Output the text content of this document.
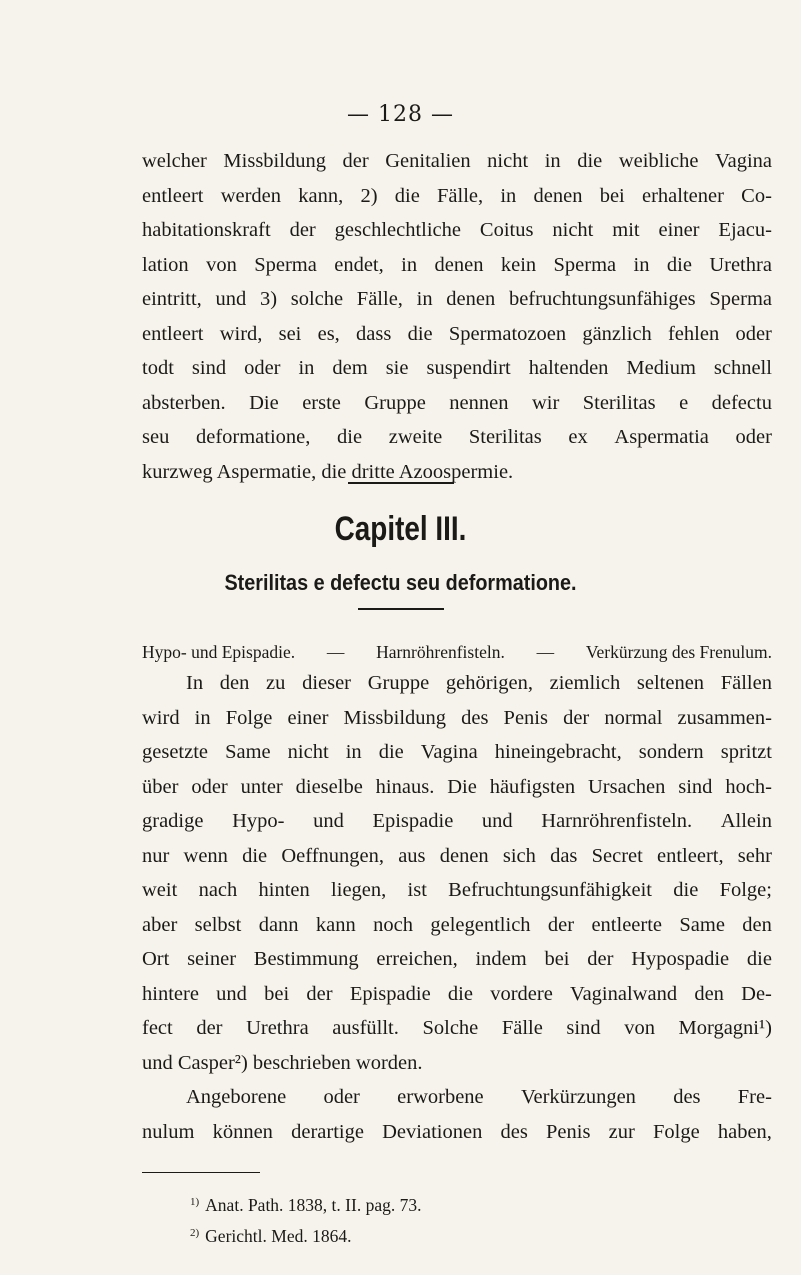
— 128 —
welcher Missbildung der Genitalien nicht in die weibliche Vagina
entleert werden kann, 2) die Fälle, in denen bei erhaltener Co-
habitationskraft der geschlechtliche Coitus nicht mit einer Ejacu-
lation von Sperma endet, in denen kein Sperma in die Urethra
eintritt, und 3) solche Fälle, in denen befruchtungsunfähiges Sperma
entleert wird, sei es, dass die Spermatozoen gänzlich fehlen oder
todt sind oder in dem sie suspendirt haltenden Medium schnell
absterben. Die erste Gruppe nennen wir Sterilitas e defectu
seu deformatione, die zweite Sterilitas ex Aspermatia oder
kurzweg Aspermatie, die dritte Azoospermie.
Capitel III.
Sterilitas e defectu seu deformatione.
Hypo- und Epispadie. — Harnröhrenfisteln. — Verkürzung des Frenulum.
In den zu dieser Gruppe gehörigen, ziemlich seltenen Fällen
wird in Folge einer Missbildung des Penis der normal zusammen-
gesetzte Same nicht in die Vagina hineingebracht, sondern spritzt
über oder unter dieselbe hinaus. Die häufigsten Ursachen sind hoch-
gradige Hypo- und Epispadie und Harnröhrenfisteln. Allein
nur wenn die Oeffnungen, aus denen sich das Secret entleert, sehr
weit nach hinten liegen, ist Befruchtungsunfähigkeit die Folge;
aber selbst dann kann noch gelegentlich der entleerte Same den
Ort seiner Bestimmung erreichen, indem bei der Hypospadie die
hintere und bei der Epispadie die vordere Vaginalwand den De-
fect der Urethra ausfüllt. Solche Fälle sind von Morgagni¹)
und Casper²) beschrieben worden.
Angeborene oder erworbene Verkürzungen des Fre-
nulum können derartige Deviationen des Penis zur Folge haben,
$^{1)}$ Anat. Path. 1838, t. II. pag. 73.
$^{2)}$ Gerichtl. Med. 1864.
